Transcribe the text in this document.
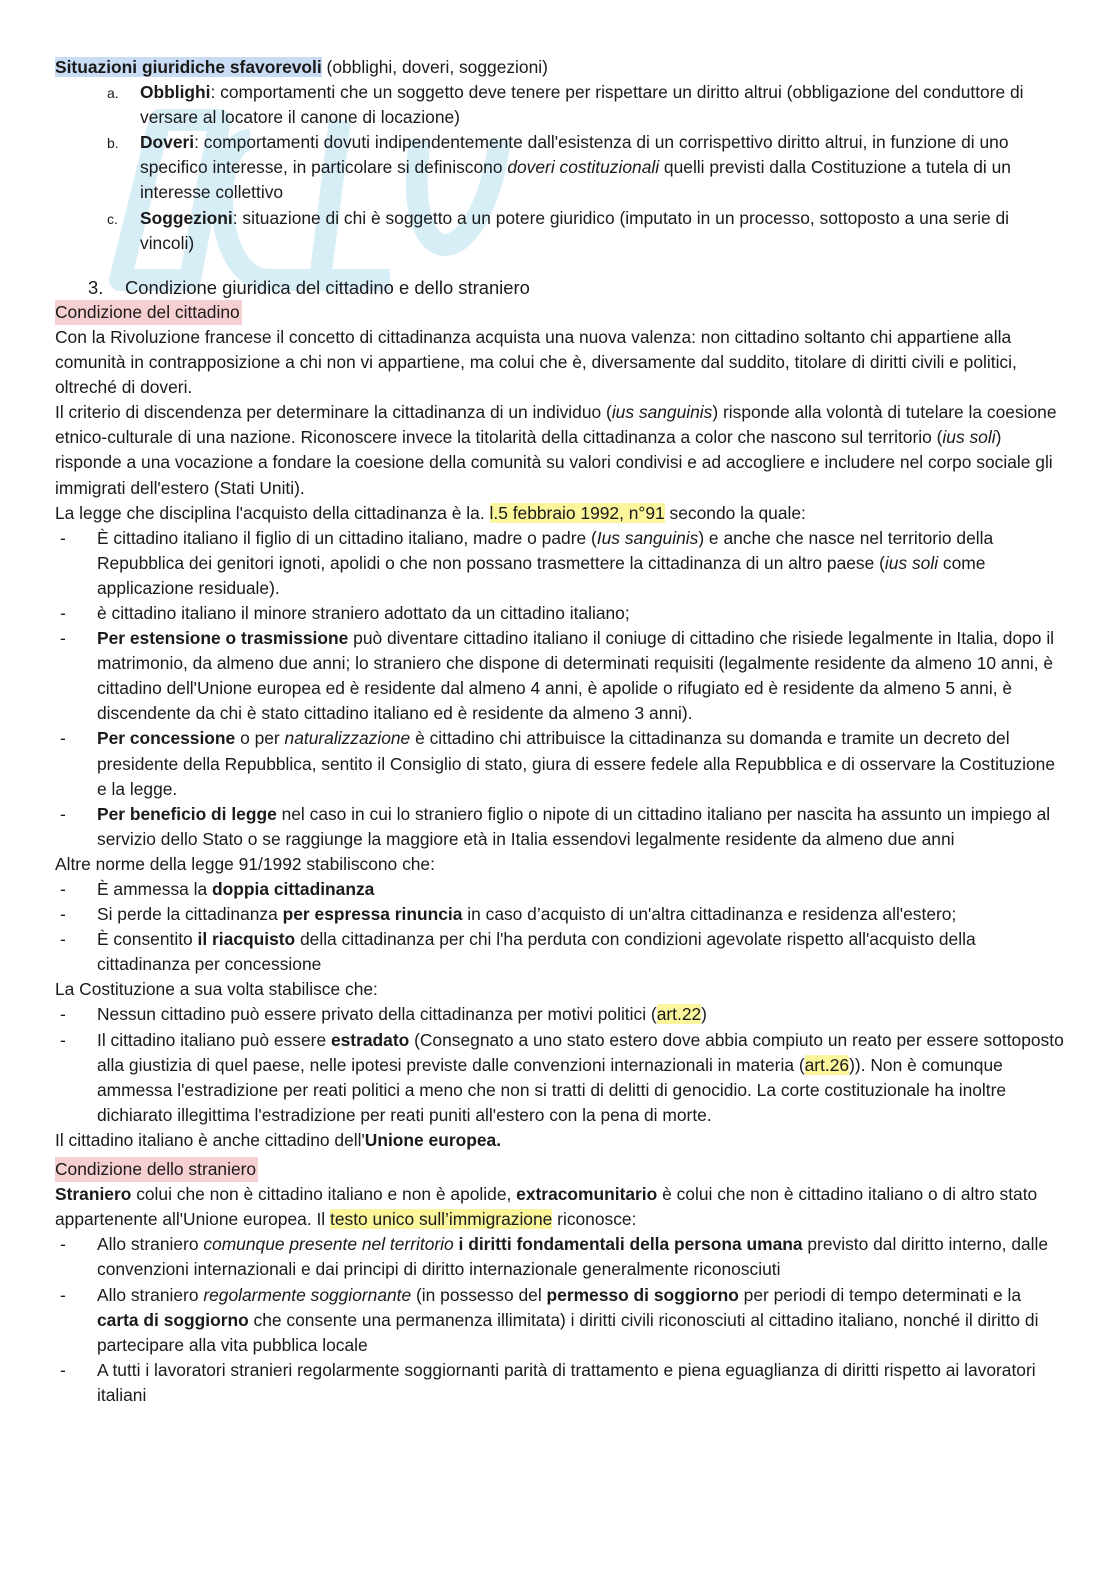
Situazioni giuridiche sfavorevoli (obblighi, doveri, soggezioni)

a. Obblighi: comportamenti che un soggetto deve tenere per rispettare un diritto altrui (obbligazione del conduttore di versare al locatore il canone di locazione)
b. Doveri: comportamenti dovuti indipendentemente dall'esistenza di un corrispettivo diritto altrui, in funzione di uno specifico interesse, in particolare si definiscono doveri costituzionali quelli previsti dalla Costituzione a tutela di un interesse collettivo
c. Soggezioni: situazione di chi è soggetto a un potere giuridico (imputato in un processo, sottoposto a una serie di vincoli)

3. Condizione giuridica del cittadino e dello straniero

Condizione del cittadino

Con la Rivoluzione francese il concetto di cittadinanza acquista una nuova valenza: non cittadino soltanto chi appartiene alla comunità in contrapposizione a chi non vi appartiene, ma colui che è, diversamente dal suddito, titolare di diritti civili e politici, oltreché di doveri.

Il criterio di discendenza per determinare la cittadinanza di un individuo (ius sanguinis) risponde alla volontà di tutelare la coesione etnico-culturale di una nazione. Riconoscere invece la titolarità della cittadinanza a color che nascono sul territorio (ius soli) risponde a una vocazione a fondare la coesione della comunità su valori condivisi e ad accogliere e includere nel corpo sociale gli immigrati dell'estero (Stati Uniti).

La legge che disciplina l'acquisto della cittadinanza è la. l.5 febbraio 1992, n°91 secondo la quale:

- È cittadino italiano il figlio di un cittadino italiano, madre o padre (Ius sanguinis) e anche che nasce nel territorio della Repubblica dei genitori ignoti, apolidi o che non possano trasmettere la cittadinanza di un altro paese (ius soli come applicazione residuale).
- è cittadino italiano il minore straniero adottato da un cittadino italiano;
- Per estensione o trasmissione può diventare cittadino italiano il coniuge di cittadino che risiede legalmente in Italia, dopo il matrimonio, da almeno due anni; lo straniero che dispone di determinati requisiti (legalmente residente da almeno 10 anni, è cittadino dell'Unione europea ed è residente dal almeno 4 anni, è apolide o rifugiato ed è residente da almeno 5 anni, è discendente da chi è stato cittadino italiano ed è residente da almeno 3 anni).
- Per concessione o per naturalizzazione è cittadino chi attribuisce la cittadinanza su domanda e tramite un decreto del presidente della Repubblica, sentito il Consiglio di stato, giura di essere fedele alla Repubblica e di osservare la Costituzione e la legge.
- Per beneficio di legge nel caso in cui lo straniero figlio o nipote di un cittadino italiano per nascita ha assunto un impiego al servizio dello Stato o se raggiunge la maggiore età in Italia essendovi legalmente residente da almeno due anni

Altre norme della legge 91/1992 stabiliscono che:

- È ammessa la doppia cittadinanza
- Si perde la cittadinanza per espressa rinuncia in caso d’acquisto di un'altra cittadinanza e residenza all'estero;
- È consentito il riacquisto della cittadinanza per chi l'ha perduta con condizioni agevolate rispetto all'acquisto della cittadinanza per concessione

La Costituzione a sua volta stabilisce che:

- Nessun cittadino può essere privato della cittadinanza per motivi politici (art.22)
- Il cittadino italiano può essere estradato (Consegnato a uno stato estero dove abbia compiuto un reato per essere sottoposto alla giustizia di quel paese, nelle ipotesi previste dalle convenzioni internazionali in materia (art.26)). Non è comunque ammessa l'estradizione per reati politici a meno che non si tratti di delitti di genocidio. La corte costituzionale ha inoltre dichiarato illegittima l'estradizione per reati puniti all'estero con la pena di morte.

Il cittadino italiano è anche cittadino dell'Unione europea.

Condizione dello straniero

Straniero colui che non è cittadino italiano e non è apolide, extracomunitario è colui che non è cittadino italiano o di altro stato appartenente all'Unione europea. Il testo unico sull’immigrazione riconosce:

- Allo straniero comunque presente nel territorio i diritti fondamentali della persona umana previsto dal diritto interno, dalle convenzioni internazionali e dai principi di diritto internazionale generalmente riconosciuti
- Allo straniero regolarmente soggiornante (in possesso del permesso di soggiorno per periodi di tempo determinati e la carta di soggiorno che consente una permanenza illimitata) i diritti civili riconosciuti al cittadino italiano, nonché il diritto di partecipare alla vita pubblica locale
- A tutti i lavoratori stranieri regolarmente soggiornanti parità di trattamento e piena eguaglianza di diritti rispetto ai lavoratori italiani
